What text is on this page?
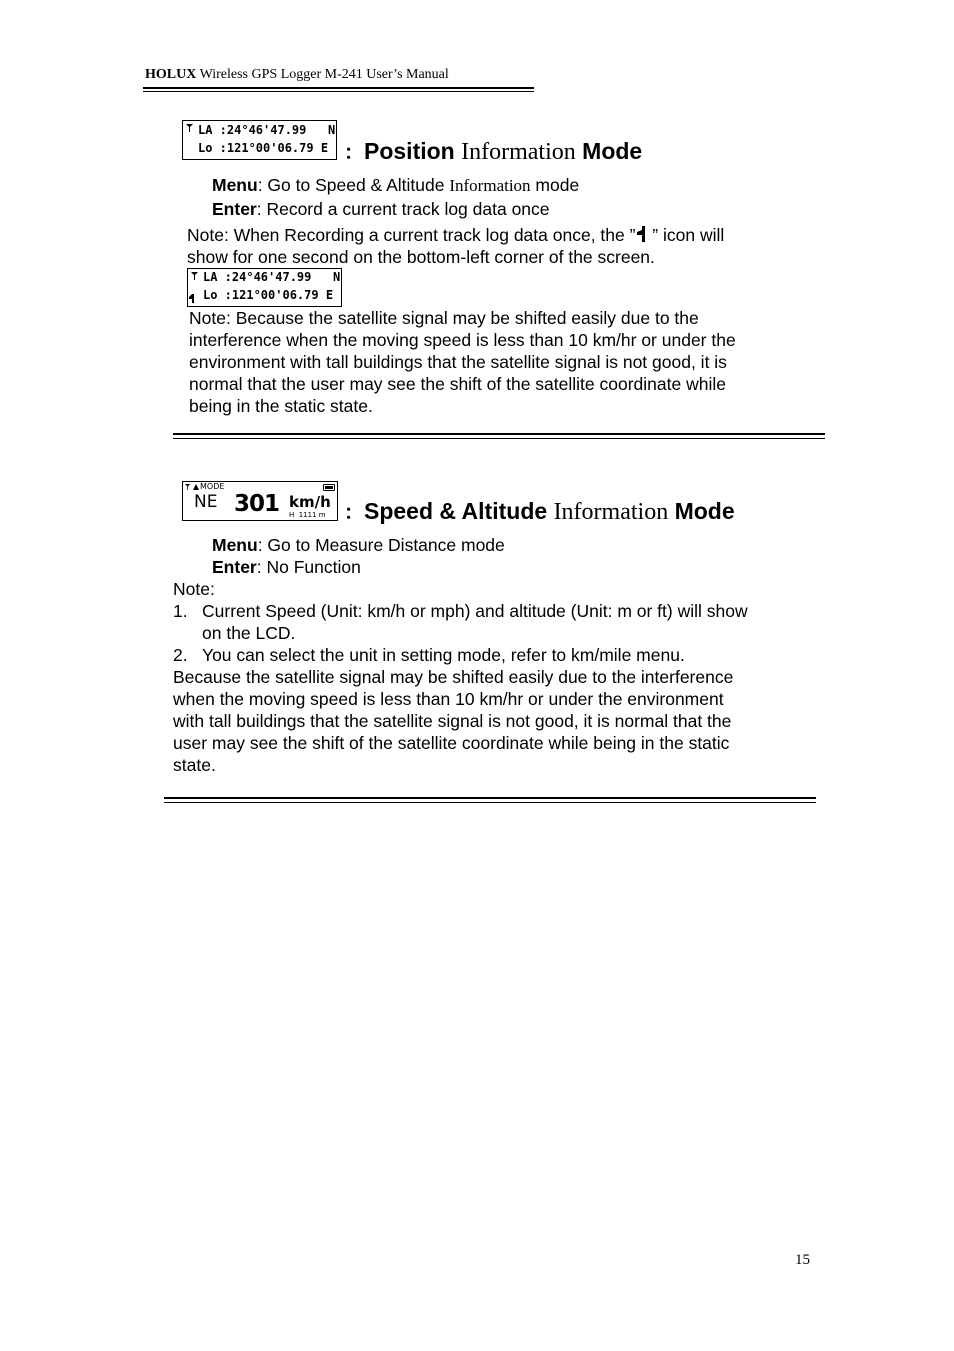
HOLUX Wireless GPS Logger M-241 User’s Manual
LA :24°46'47.99   N
Lo :121°00'06.79 E ：Position Information Mode
Menu: Go to Speed & Altitude Information mode
Enter: Record a current track log data once
Note: When Recording a current track log data once, the ” ” icon will
show for one second on the bottom-left corner of the screen.
LA :24°46'47.99   N
Lo :121°00'06.79 E
Note: Because the satellite signal may be shifted easily due to the
interference when the moving speed is less than 10 km/hr or under the
environment with tall buildings that the satellite signal is not good, it is
normal that the user may see the shift of the satellite coordinate while
being in the static state.
MODE
NE 301 km/h
H  1111 m ：Speed & Altitude Information Mode
Menu: Go to Measure Distance mode
Enter: No Function
Note:
1. Current Speed (Unit: km/h or mph) and altitude (Unit: m or ft) will show
on the LCD.
2. You can select the unit in setting mode, refer to km/mile menu.
Because the satellite signal may be shifted easily due to the interference
when the moving speed is less than 10 km/hr or under the environment
with tall buildings that the satellite signal is not good, it is normal that the
user may see the shift of the satellite coordinate while being in the static
state.
15
